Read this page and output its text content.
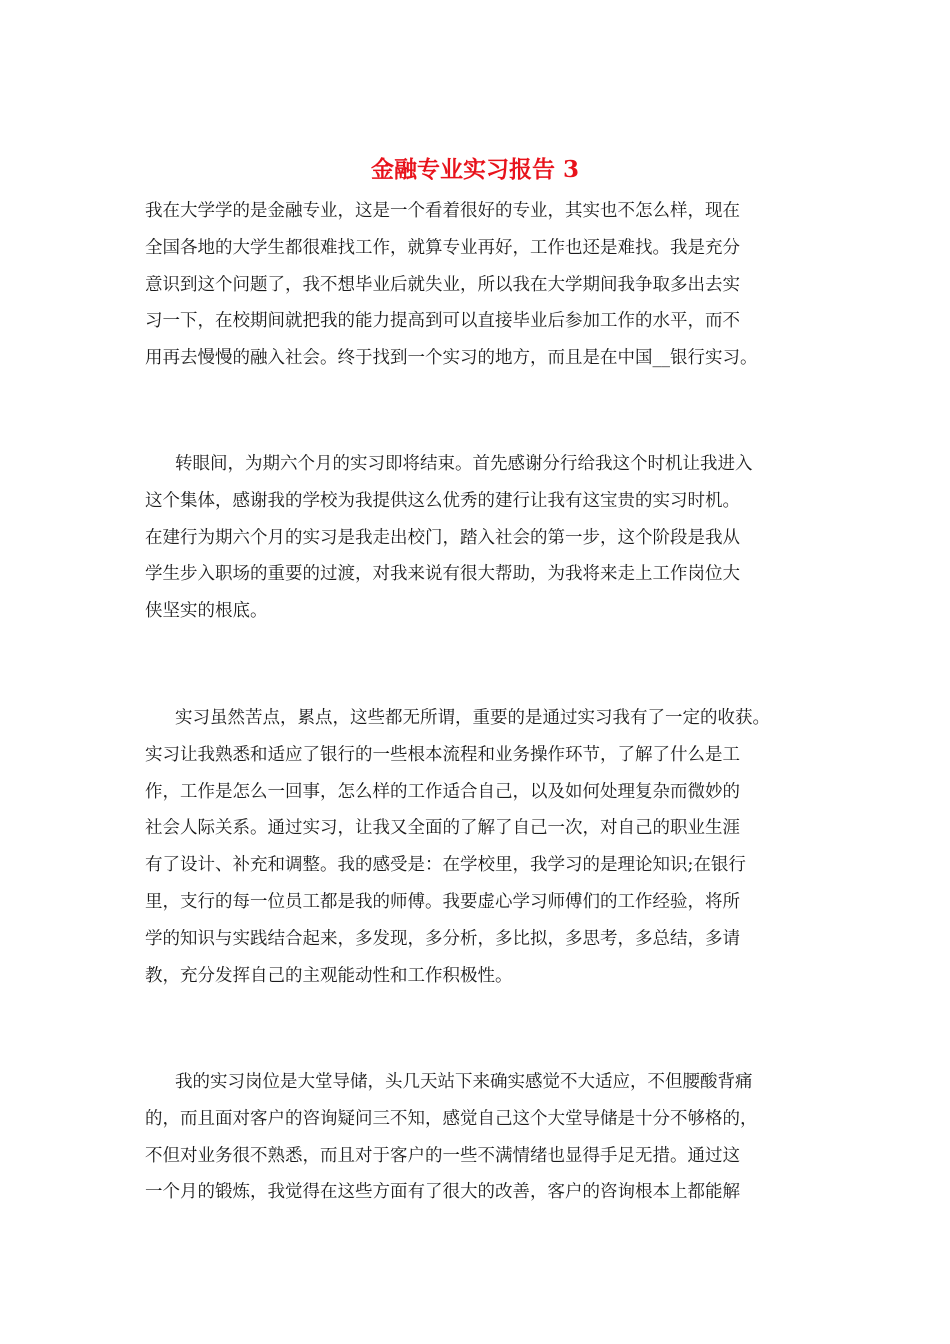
金融专业实习报告 3
我在大学学的是金融专业，这是一个看着很好的专业，其实也不怎么样，现在
全国各地的大学生都很难找工作，就算专业再好，工作也还是难找。我是充分
意识到这个问题了，我不想毕业后就失业，所以我在大学期间我争取多出去实
习一下，在校期间就把我的能力提高到可以直接毕业后参加工作的水平，而不
用再去慢慢的融入社会。终于找到一个实习的地方，而且是在中国__银行实习。
转眼间，为期六个月的实习即将结束。首先感谢分行给我这个时机让我进入
这个集体，感谢我的学校为我提供这么优秀的建行让我有这宝贵的实习时机。
在建行为期六个月的实习是我走出校门，踏入社会的第一步，这个阶段是我从
学生步入职场的重要的过渡，对我来说有很大帮助，为我将来走上工作岗位大
侠坚实的根底。
实习虽然苦点，累点，这些都无所谓，重要的是通过实习我有了一定的收获。
实习让我熟悉和适应了银行的一些根本流程和业务操作环节，了解了什么是工
作，工作是怎么一回事，怎么样的工作适合自己，以及如何处理复杂而微妙的
社会人际关系。通过实习，让我又全面的了解了自己一次，对自己的职业生涯
有了设计、补充和调整。我的感受是：在学校里，我学习的是理论知识;在银行
里，支行的每一位员工都是我的师傅。我要虚心学习师傅们的工作经验，将所
学的知识与实践结合起来，多发现，多分析，多比拟，多思考，多总结，多请
教，充分发挥自己的主观能动性和工作积极性。
我的实习岗位是大堂导储，头几天站下来确实感觉不大适应，不但腰酸背痛
的，而且面对客户的咨询疑问三不知，感觉自己这个大堂导储是十分不够格的，
不但对业务很不熟悉，而且对于客户的一些不满情绪也显得手足无措。通过这
一个月的锻炼，我觉得在这些方面有了很大的改善，客户的咨询根本上都能解
